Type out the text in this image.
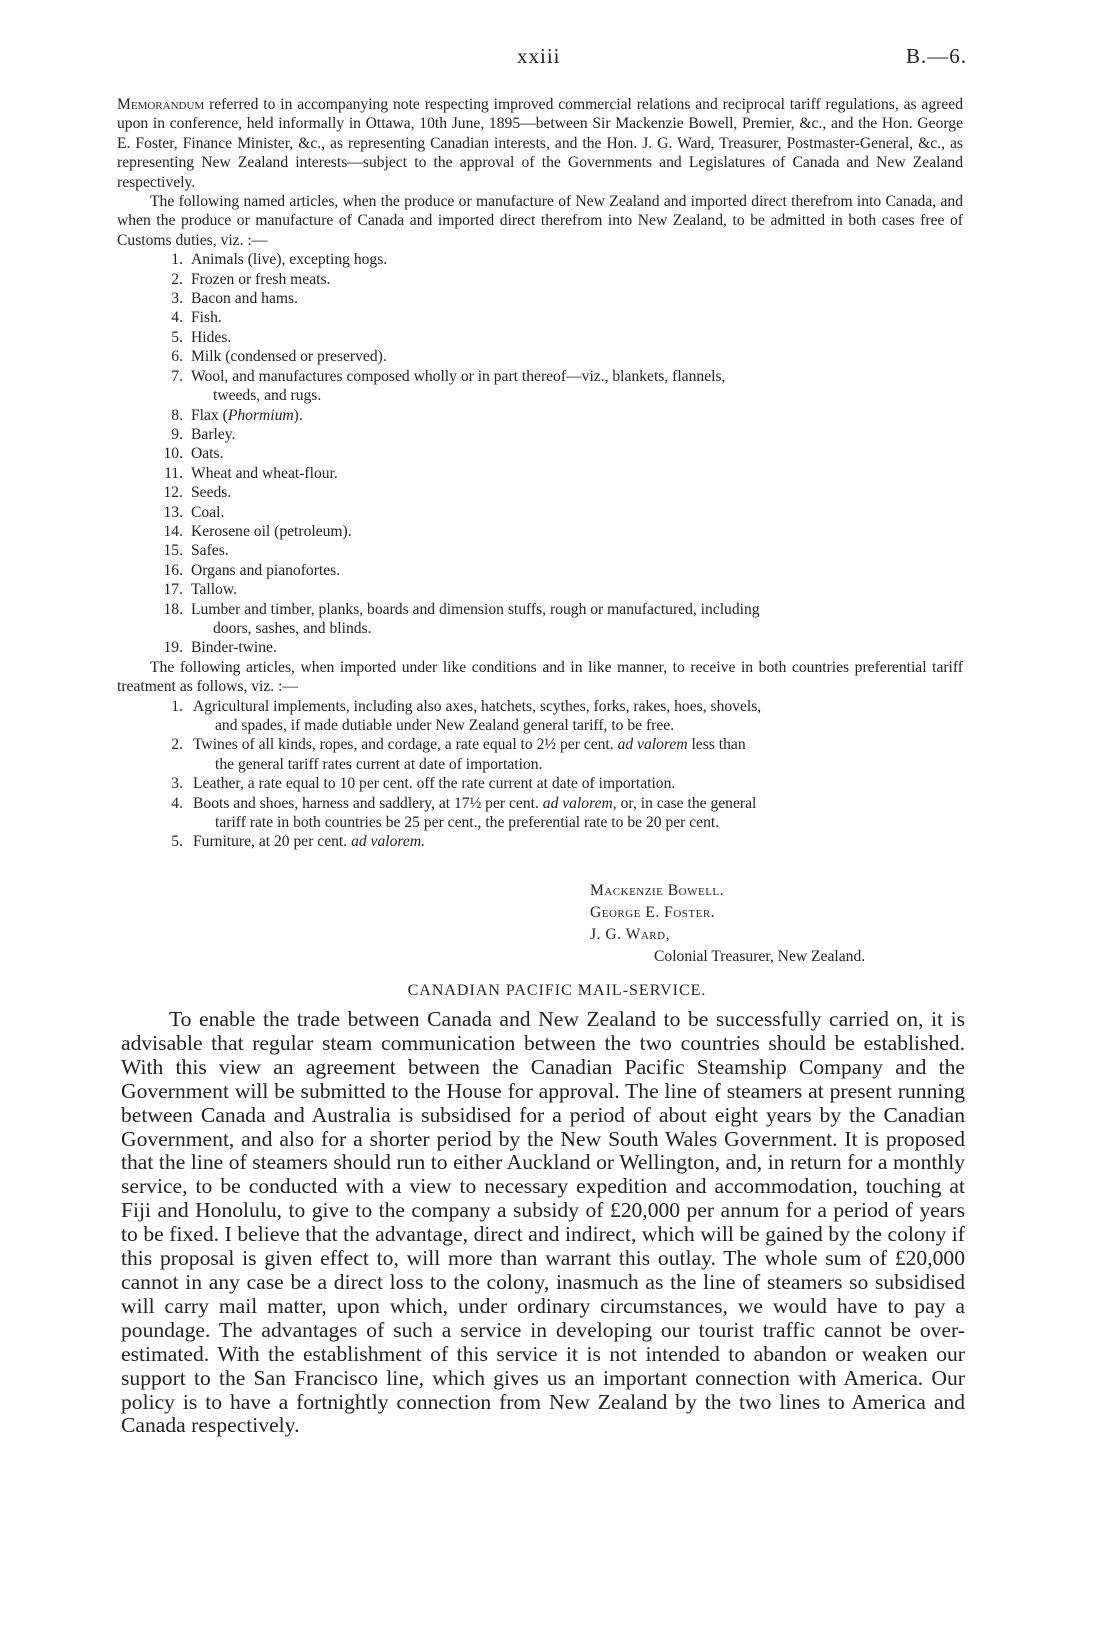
xxiii	B.—6.

Memorandum referred to in accompanying note respecting improved commercial relations and reciprocal tariff regulations, as agreed upon in conference, held informally in Ottawa, 10th June, 1895—between Sir Mackenzie Bowell, Premier, &c., and the Hon. George E. Foster, Finance Minister, &c., as representing Canadian interests, and the Hon. J. G. Ward, Treasurer, Postmaster-General, &c., as representing New Zealand interests—subject to the approval of the Governments and Legislatures of Canada and New Zealand respectively.

The following named articles, when the produce or manufacture of New Zealand and imported direct therefrom into Canada, and when the produce or manufacture of Canada and imported direct therefrom into New Zealand, to be admitted in both cases free of Customs duties, viz. :—

1. Animals (live), excepting hogs.
2. Frozen or fresh meats.
3. Bacon and hams.
4. Fish.
5. Hides.
6. Milk (condensed or preserved).
7. Wool, and manufactures composed wholly or in part thereof—viz., blankets, flannels,
tweeds, and rugs.
8. Flax (Phormium).
9. Barley.
10. Oats.
11. Wheat and wheat-flour.
12. Seeds.
13. Coal.
14. Kerosene oil (petroleum).
15. Safes.
16. Organs and pianofortes.
17. Tallow.
18. Lumber and timber, planks, boards and dimension stuffs, rough or manufactured, including
doors, sashes, and blinds.
19. Binder-twine.

The following articles, when imported under like conditions and in like manner, to receive in both countries preferential tariff treatment as follows, viz. :—

1. Agricultural implements, including also axes, hatchets, scythes, forks, rakes, hoes, shovels,
and spades, if made dutiable under New Zealand general tariff, to be free.
2. Twines of all kinds, ropes, and cordage, a rate equal to 2½ per cent. ad valorem less than
the general tariff rates current at date of importation.
3. Leather, a rate equal to 10 per cent. off the rate current at date of importation.
4. Boots and shoes, harness and saddlery, at 17½ per cent. ad valorem, or, in case the general
tariff rate in both countries be 25 per cent., the preferential rate to be 20 per cent.
5. Furniture, at 20 per cent. ad valorem.
Mackenzie Bowell.
George E. Foster.
J. G. Ward,
Colonial Treasurer, New Zealand.
CANADIAN PACIFIC MAIL-SERVICE.

To enable the trade between Canada and New Zealand to be successfully carried on, it is advisable that regular steam communication between the two countries should be established. With this view an agreement between the Canadian Pacific Steamship Company and the Government will be submitted to the House for approval. The line of steamers at present running between Canada and Australia is subsidised for a period of about eight years by the Canadian Government, and also for a shorter period by the New South Wales Government. It is proposed that the line of steamers should run to either Auckland or Wellington, and, in return for a monthly service, to be conducted with a view to necessary expedition and accommodation, touching at Fiji and Honolulu, to give to the company a subsidy of £20,000 per annum for a period of years to be fixed. I believe that the advantage, direct and indirect, which will be gained by the colony if this proposal is given effect to, will more than warrant this outlay. The whole sum of £20,000 cannot in any case be a direct loss to the colony, inasmuch as the line of steamers so subsidised will carry mail matter, upon which, under ordinary circumstances, we would have to pay a poundage. The advantages of such a service in developing our tourist traffic cannot be over-estimated. With the establishment of this service it is not intended to abandon or weaken our support to the San Francisco line, which gives us an important connection with America. Our policy is to have a fortnightly connection from New Zealand by the two lines to America and Canada respectively.
